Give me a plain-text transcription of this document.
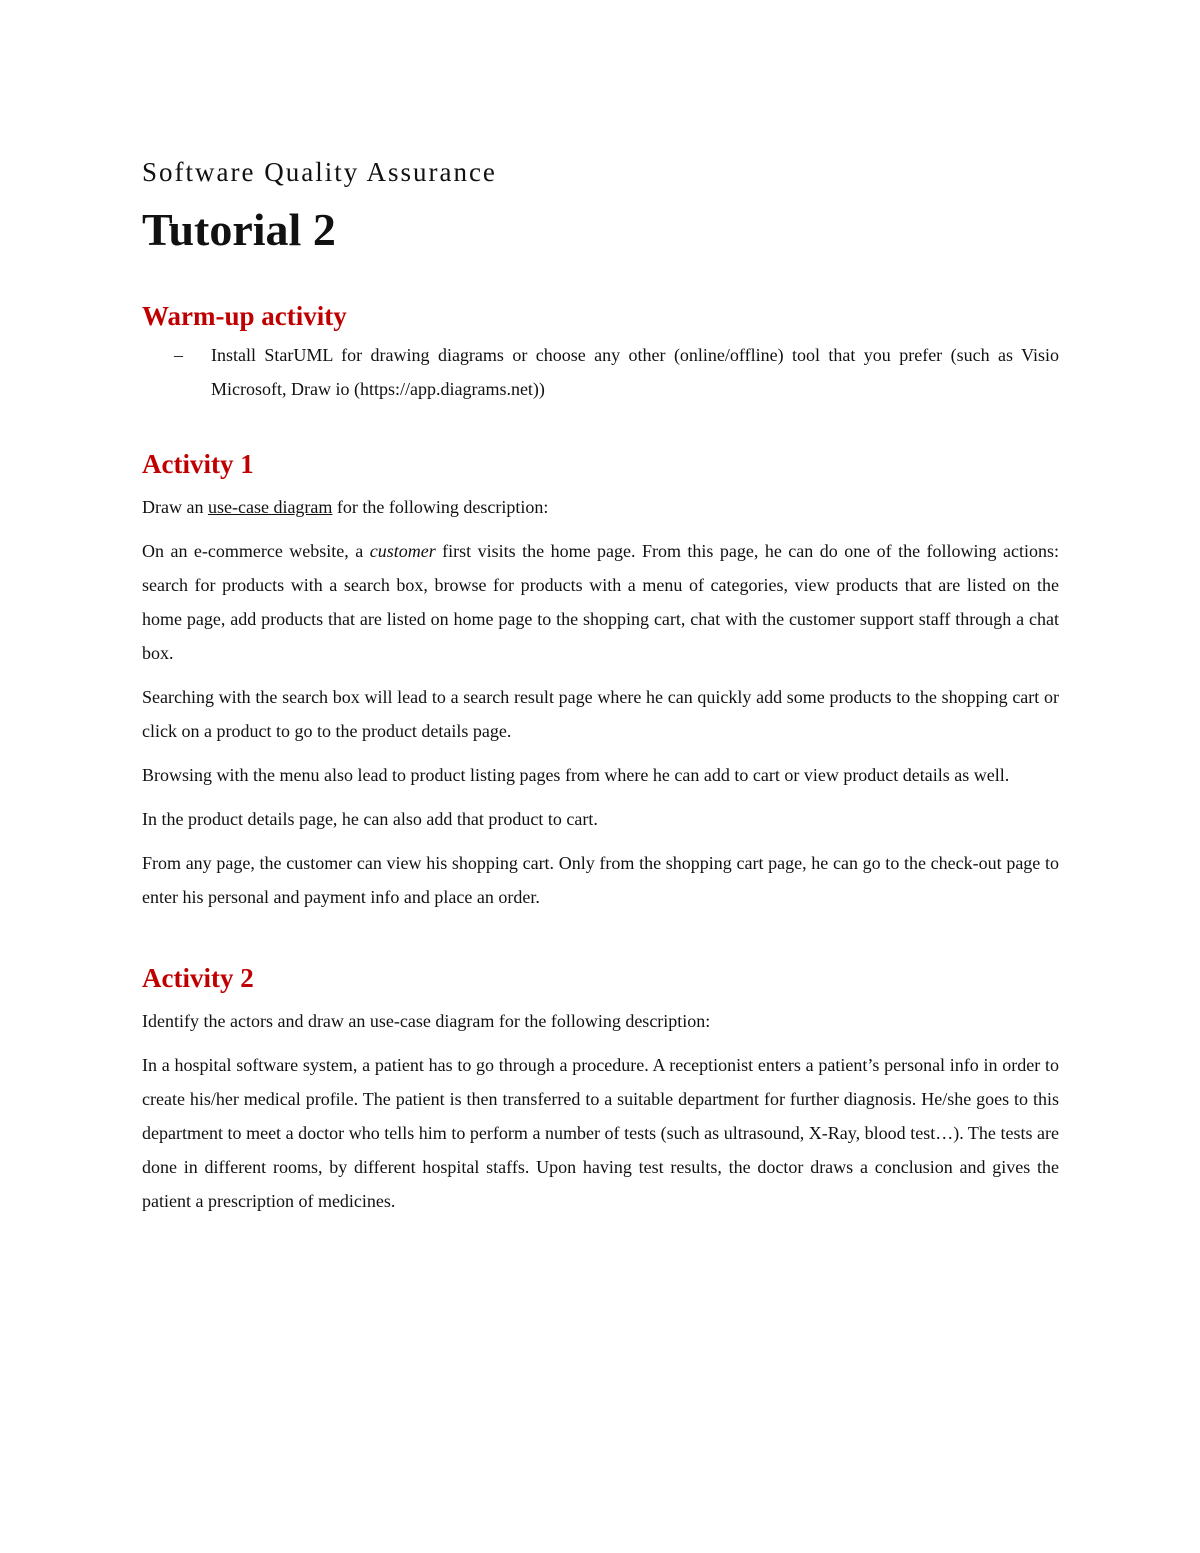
Software Quality Assurance
Tutorial 2
Warm-up activity
–	Install StarUML for drawing diagrams or choose any other (online/offline) tool that you prefer (such as Visio Microsoft, Draw io (https://app.diagrams.net))
Activity 1

Draw an use-case diagram for the following description:

On an e-commerce website, a customer first visits the home page. From this page, he can do one of the following actions: search for products with a search box, browse for products with a menu of categories, view products that are listed on the home page, add products that are listed on home page to the shopping cart, chat with the customer support staff through a chat box.

Searching with the search box will lead to a search result page where he can quickly add some products to the shopping cart or click on a product to go to the product details page.

Browsing with the menu also lead to product listing pages from where he can add to cart or view product details as well.

In the product details page, he can also add that product to cart.

From any page, the customer can view his shopping cart. Only from the shopping cart page, he can go to the check-out page to enter his personal and payment info and place an order.

Activity 2

Identify the actors and draw an use-case diagram for the following description:

In a hospital software system, a patient has to go through a procedure. A receptionist enters a patient’s personal info in order to create his/her medical profile. The patient is then transferred to a suitable department for further diagnosis. He/she goes to this department to meet a doctor who tells him to perform a number of tests (such as ultrasound, X-Ray, blood test…). The tests are done in different rooms, by different hospital staffs. Upon having test results, the doctor draws a conclusion and gives the patient a prescription of medicines.
